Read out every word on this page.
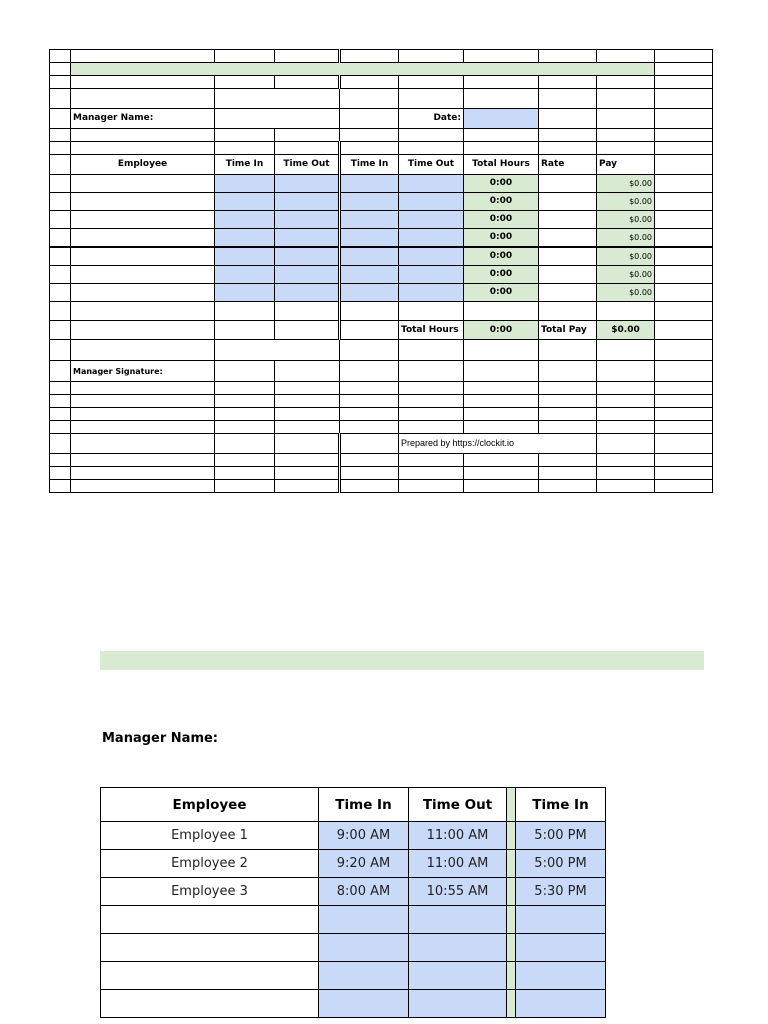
	Manager Name:				Date:				

	Employee	Time In	Time Out	Time In	Time Out	Total Hours	Rate	Pay	
						0:00		$0.00	
						0:00		$0.00	
						0:00		$0.00	
						0:00		$0.00	
						0:00		$0.00	
						0:00		$0.00	
						0:00		$0.00	

					Total Hours	0:00	Total Pay	$0.00	

	Manager Signature:								

					Prepared by https://clockit.io				

Manager Name:
Employee	Time In	Time Out		Time In
Employee 1	9:00 AM	11:00 AM		5:00 PM
Employee 2	9:20 AM	11:00 AM		5:00 PM
Employee 3	8:00 AM	10:55 AM		5:30 PM
